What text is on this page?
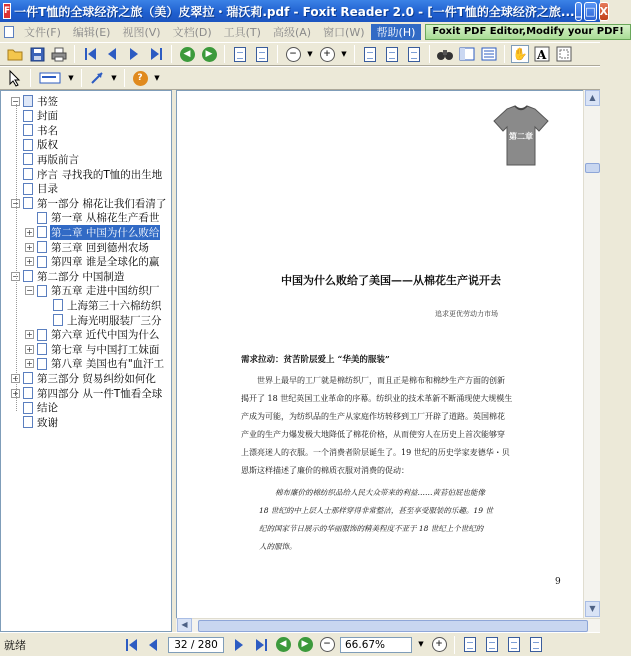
F 一件T恤的全球经济之旅（美）皮翠拉・瑞沃莉.pdf - Foxit Reader 2.0 - [一件T恤的全球经济之旅... _ □ X
文件(F)	编辑(E)	视图(V)	文档(D)	工具(T)	高级(A)	窗口(W)	帮助(H)	Foxit PDF Editor,Modify your PDF!
◀	▶	−	▼	+	▼	✋ A
▼	▼	?	▼
− 书签
封面
书名
版权
再版前言
序言 寻找我的T恤的出生地
目录
− 第一部分 棉花让我们看清了
第一章 从棉花生产看世
+ 第二章 中国为什么败给
+ 第三章 回到德州农场
+ 第四章 谁是全球化的赢
− 第二部分 中国制造
− 第五章 走进中国纺织厂
上海第三十六棉纺织
上海光明服装厂三分
+ 第六章 近代中国为什么
+ 第七章 与中国打工妹面
+ 第八章 美国也有"血汗工
+ 第三部分 贸易纠纷如何化
+ 第四部分 从一件T恤看全球
结论
致谢
第二章
中国为什么败给了美国——从棉花生产说开去
追求更优劳动力市场
需求拉动：贫苦阶层爱上 “华美的服装”
世界上最早的工厂就是棉纺织厂，而且正是棉布和棉纱生产方面的创新
揭开了 18 世纪英国工业革命的序幕。纺织业的技术革新不断涌现使大规模生
产成为可能，为纺织品的生产从家庭作坊转移到工厂开辟了道路。英国棉花
产业的生产力爆发极大地降低了棉花价格，从而使穷人在历史上首次能够穿
上漂亮迷人的衣服。一个消费者阶层诞生了。19 世纪的历史学家麦德华・贝
恩斯这样描述了廉价的棉质衣服对消费的促动：
棉布廉价的棉纺织品给人民大众带来的利益……黄苔伯屁也能像
18 世纪的中上层人士那样穿得非常整洁，甚至享受服装的乐趣。19 世
纪的国家节日展示的华丽服饰的精美程度不亚于 18 世纪上个世纪的
人的服饰。
9
▲
▼
◀
就绪	32 / 280	◀	▶	−	66.67%	▼	+
